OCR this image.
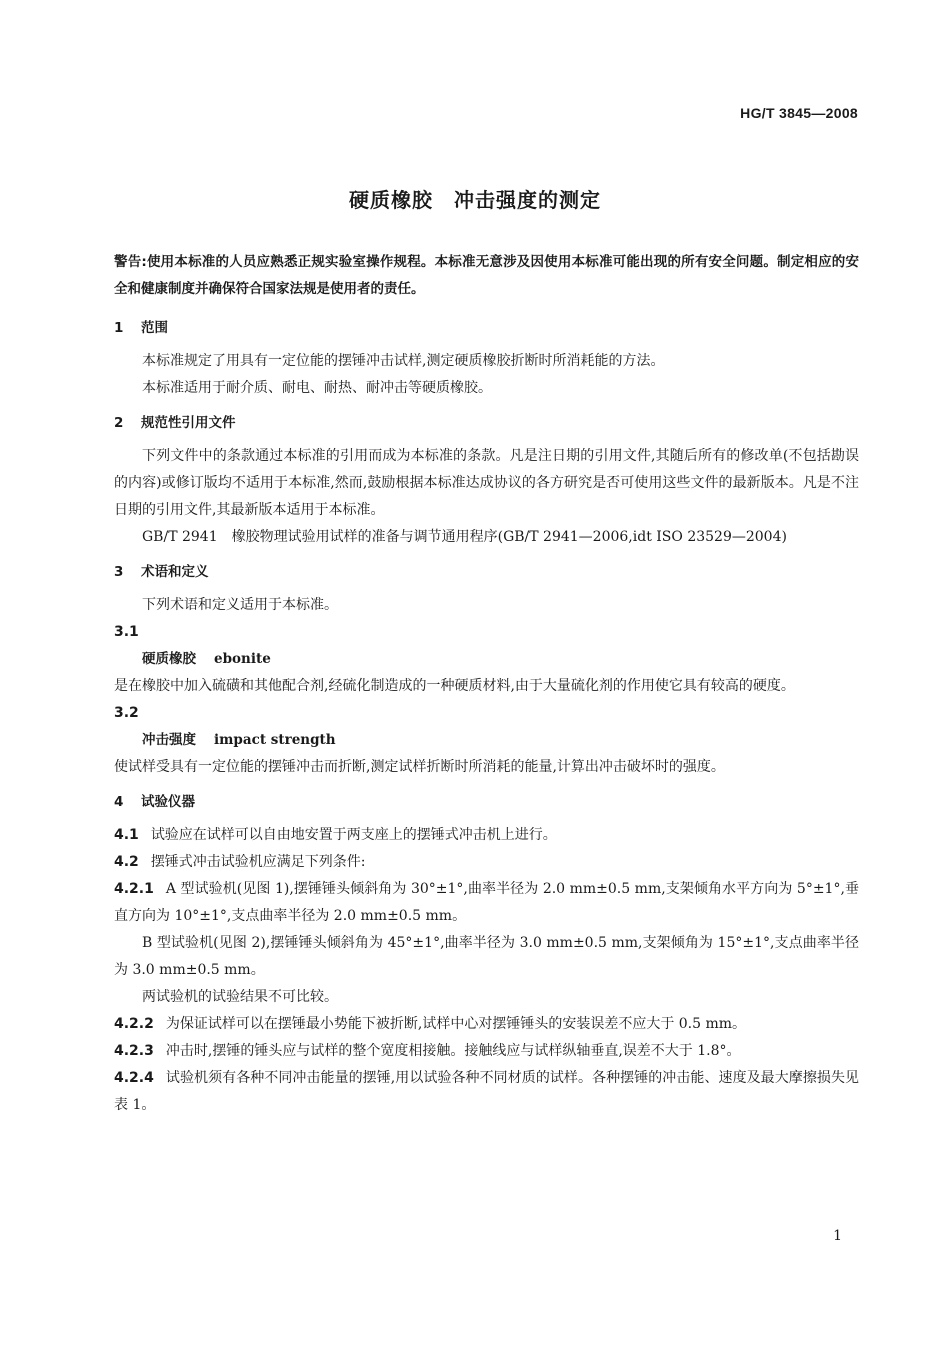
HG/T 3845—2008
硬质橡胶　冲击强度的测定

警告:使用本标准的人员应熟悉正规实验室操作规程。本标准无意涉及因使用本标准可能出现的所有安全问题。制定相应的安全和健康制度并确保符合国家法规是使用者的责任。

1 范围

本标准规定了用具有一定位能的摆锤冲击试样,测定硬质橡胶折断时所消耗能的方法。

本标准适用于耐介质、耐电、耐热、耐冲击等硬质橡胶。

2 规范性引用文件

下列文件中的条款通过本标准的引用而成为本标准的条款。凡是注日期的引用文件,其随后所有的修改单(不包括勘误的内容)或修订版均不适用于本标准,然而,鼓励根据本标准达成协议的各方研究是否可使用这些文件的最新版本。凡是不注日期的引用文件,其最新版本适用于本标准。

GB/T 2941　橡胶物理试验用试样的准备与调节通用程序(GB/T 2941—2006,idt ISO 23529—2004)

3 术语和定义

下列术语和定义适用于本标准。

3.1

硬质橡胶 ebonite

是在橡胶中加入硫磺和其他配合剂,经硫化制造成的一种硬质材料,由于大量硫化剂的作用使它具有较高的硬度。

3.2

冲击强度 impact strength

使试样受具有一定位能的摆锤冲击而折断,测定试样折断时所消耗的能量,计算出冲击破坏时的强度。

4 试验仪器

4.1 试验应在试样可以自由地安置于两支座上的摆锤式冲击机上进行。

4.2 摆锤式冲击试验机应满足下列条件:

4.2.1 A 型试验机(见图 1),摆锤锤头倾斜角为 30°±1°,曲率半径为 2.0 mm±0.5 mm,支架倾角水平方向为 5°±1°,垂直方向为 10°±1°,支点曲率半径为 2.0 mm±0.5 mm。

B 型试验机(见图 2),摆锤锤头倾斜角为 45°±1°,曲率半径为 3.0 mm±0.5 mm,支架倾角为 15°±1°,支点曲率半径为 3.0 mm±0.5 mm。

两试验机的试验结果不可比较。

4.2.2 为保证试样可以在摆锤最小势能下被折断,试样中心对摆锤锤头的安装误差不应大于 0.5 mm。

4.2.3 冲击时,摆锤的锤头应与试样的整个宽度相接触。接触线应与试样纵轴垂直,误差不大于 1.8°。

4.2.4 试验机须有各种不同冲击能量的摆锤,用以试验各种不同材质的试样。各种摆锤的冲击能、速度及最大摩擦损失见表 1。

1
